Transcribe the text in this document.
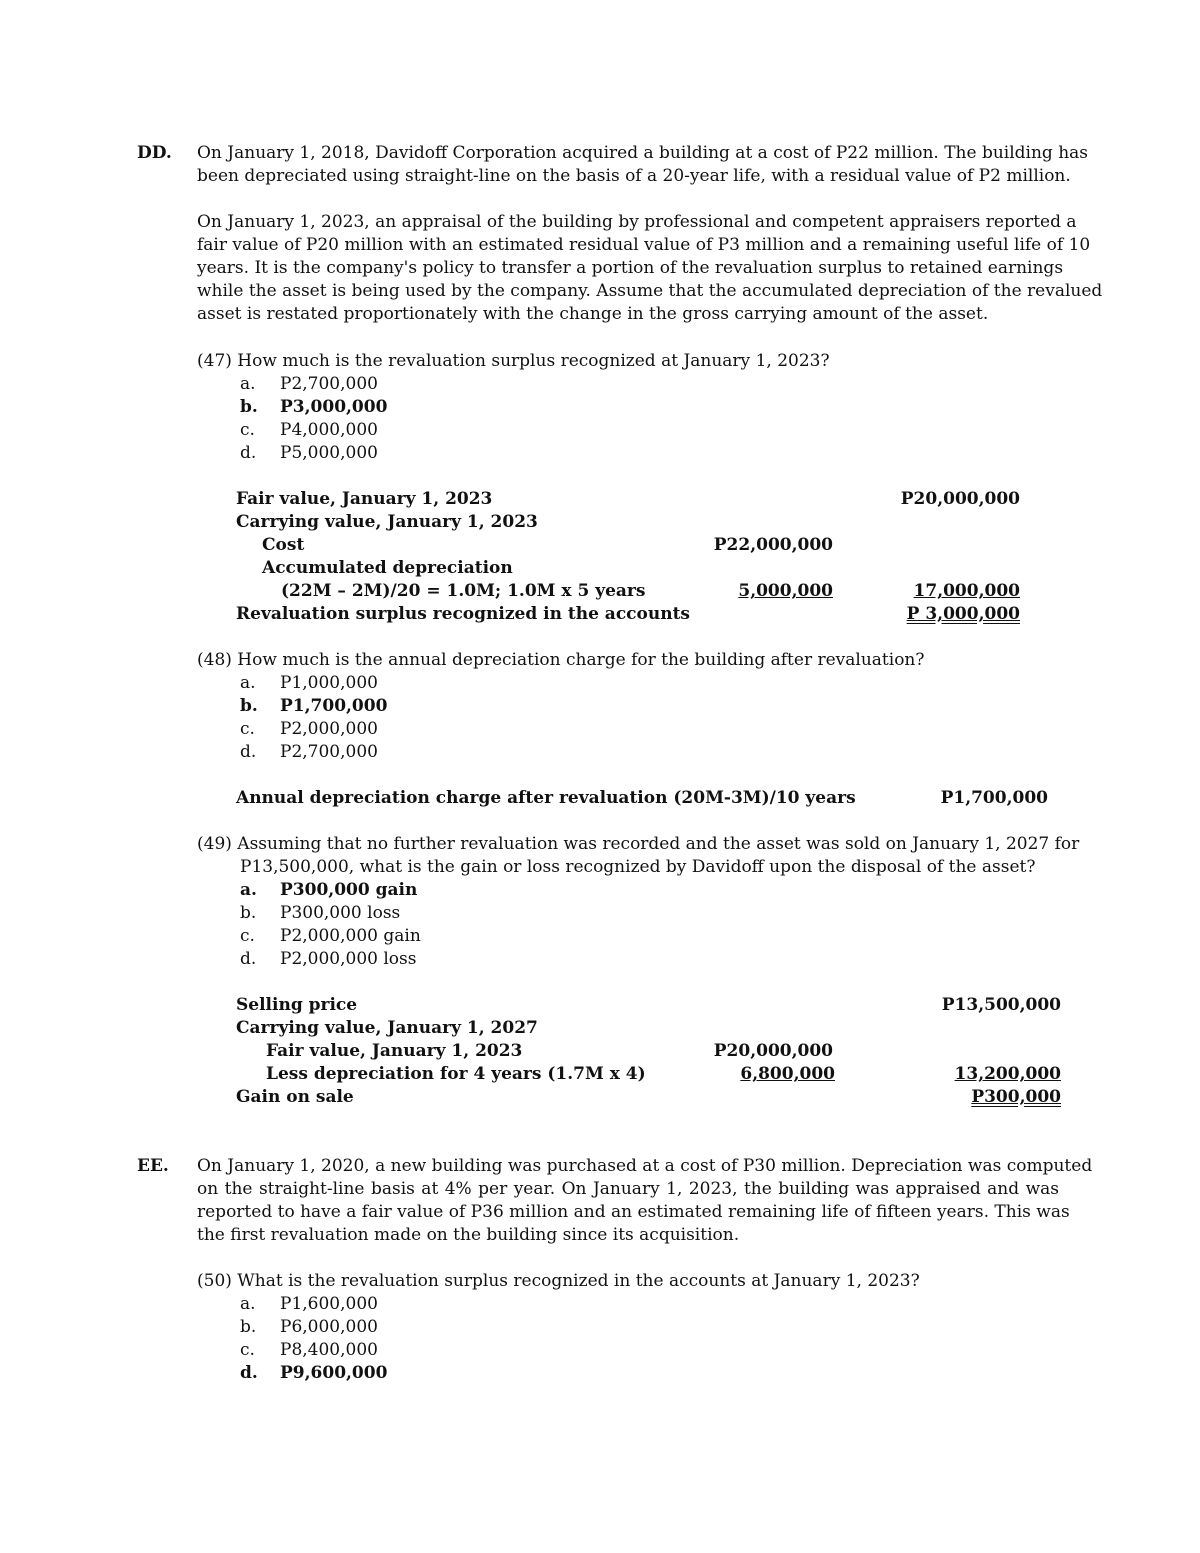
DD. On January 1, 2018, Davidoff Corporation acquired a building at a cost of P22 million. The building has
been depreciated using straight-line on the basis of a 20-year life, with a residual value of P2 million.
On January 1, 2023, an appraisal of the building by professional and competent appraisers reported a
fair value of P20 million with an estimated residual value of P3 million and a remaining useful life of 10
years. It is the company's policy to transfer a portion of the revaluation surplus to retained earnings
while the asset is being used by the company. Assume that the accumulated depreciation of the revalued
asset is restated proportionately with the change in the gross carrying amount of the asset.
(47) How much is the revaluation surplus recognized at January 1, 2023?
a. P2,700,000
b. P3,000,000
c. P4,000,000
d. P5,000,000
Fair value, January 1, 2023	P20,000,000
Carrying value, January 1, 2023
Cost	P22,000,000
Accumulated depreciation
(22M – 2M)/20 = 1.0M; 1.0M x 5 years	5,000,000	17,000,000
Revaluation surplus recognized in the accounts	P 3,000,000
(48) How much is the annual depreciation charge for the building after revaluation?
a. P1,000,000
b. P1,700,000
c. P2,000,000
d. P2,700,000
Annual depreciation charge after revaluation (20M-3M)/10 years	P1,700,000
(49) Assuming that no further revaluation was recorded and the asset was sold on January 1, 2027 for
P13,500,000, what is the gain or loss recognized by Davidoff upon the disposal of the asset?
a. P300,000 gain
b. P300,000 loss
c. P2,000,000 gain
d. P2,000,000 loss
Selling price	P13,500,000
Carrying value, January 1, 2027
Fair value, January 1, 2023	P20,000,000
Less depreciation for 4 years (1.7M x 4)	6,800,000	13,200,000
Gain on sale	P300,000
EE. On January 1, 2020, a new building was purchased at a cost of P30 million. Depreciation was computed
on the straight-line basis at 4% per year. On January 1, 2023, the building was appraised and was
reported to have a fair value of P36 million and an estimated remaining life of fifteen years. This was
the first revaluation made on the building since its acquisition.
(50) What is the revaluation surplus recognized in the accounts at January 1, 2023?
a. P1,600,000
b. P6,000,000
c. P8,400,000
d. P9,600,000
